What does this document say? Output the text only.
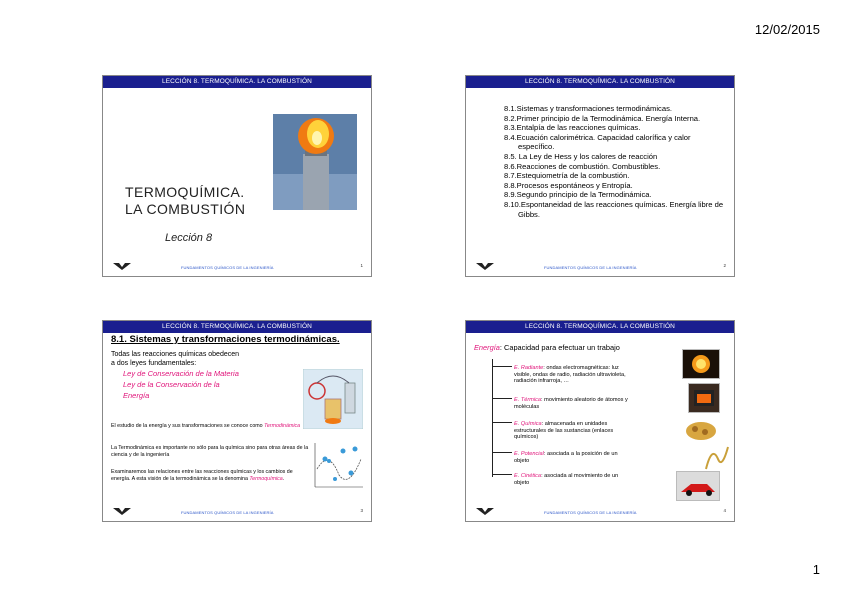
12/02/2015
LECCIÓN 8. TERMOQUÍMICA. LA COMBUSTIÓN
TERMOQUÍMICA.
LA COMBUSTIÓN
Lección 8
FUNDAMENTOS QUÍMICOS DE LA INGENIERÍA	1
LECCIÓN 8. TERMOQUÍMICA. LA COMBUSTIÓN
8.1.Sistemas y transformaciones termodinámicas.
8.2.Primer principio de la Termodinámica. Energía Interna.
8.3.Entalpía de las reacciones químicas.
8.4.Ecuación calorimétrica. Capacidad calorífica y calor específico.
8.5. La Ley de Hess y los calores de reacción
8.6.Reacciones de combustión. Combustibles.
8.7.Estequiometría de la combustión.
8.8.Procesos espontáneos y Entropía.
8.9.Segundo principio de la Termodinámica.
8.10.Espontaneidad de las reacciones químicas. Energía libre de Gibbs.
FUNDAMENTOS QUÍMICOS DE LA INGENIERÍA	2
LECCIÓN 8. TERMOQUÍMICA. LA COMBUSTIÓN
8.1. Sistemas y transformaciones termodinámicas.
Todas las reacciones químicas obedecen a dos leyes fundamentales:
Ley de Conservación de la Materia
Ley de la Conservación de la Energía
El estudio de la energía y sus transformaciones se conoce como Termodinámica
La Termodinámica es importante no sólo para la química sino para otras áreas de la ciencia y de la ingeniería
Examinaremos las relaciones entre las reacciones químicas y los cambios de energía. A esta visión de la termodinámica se la denomina Termoquímica.
FUNDAMENTOS QUÍMICOS DE LA INGENIERÍA	3
LECCIÓN 8. TERMOQUÍMICA. LA COMBUSTIÓN
Energía: Capacidad para efectuar un trabajo
E. Radiante: ondas electromagnéticas: luz visible, ondas de radio, radiación ultravioleta, radiación infrarroja, …
E. Térmica: movimiento aleatorio de átomos y moléculas
E. Química: almacenada en unidades estructurales de las sustancias (enlaces químicos)
E. Potencial: asociada a la posición de un objeto
E. Cinética: asociada al movimiento de un objeto
FUNDAMENTOS QUÍMICOS DE LA INGENIERÍA	4
1
